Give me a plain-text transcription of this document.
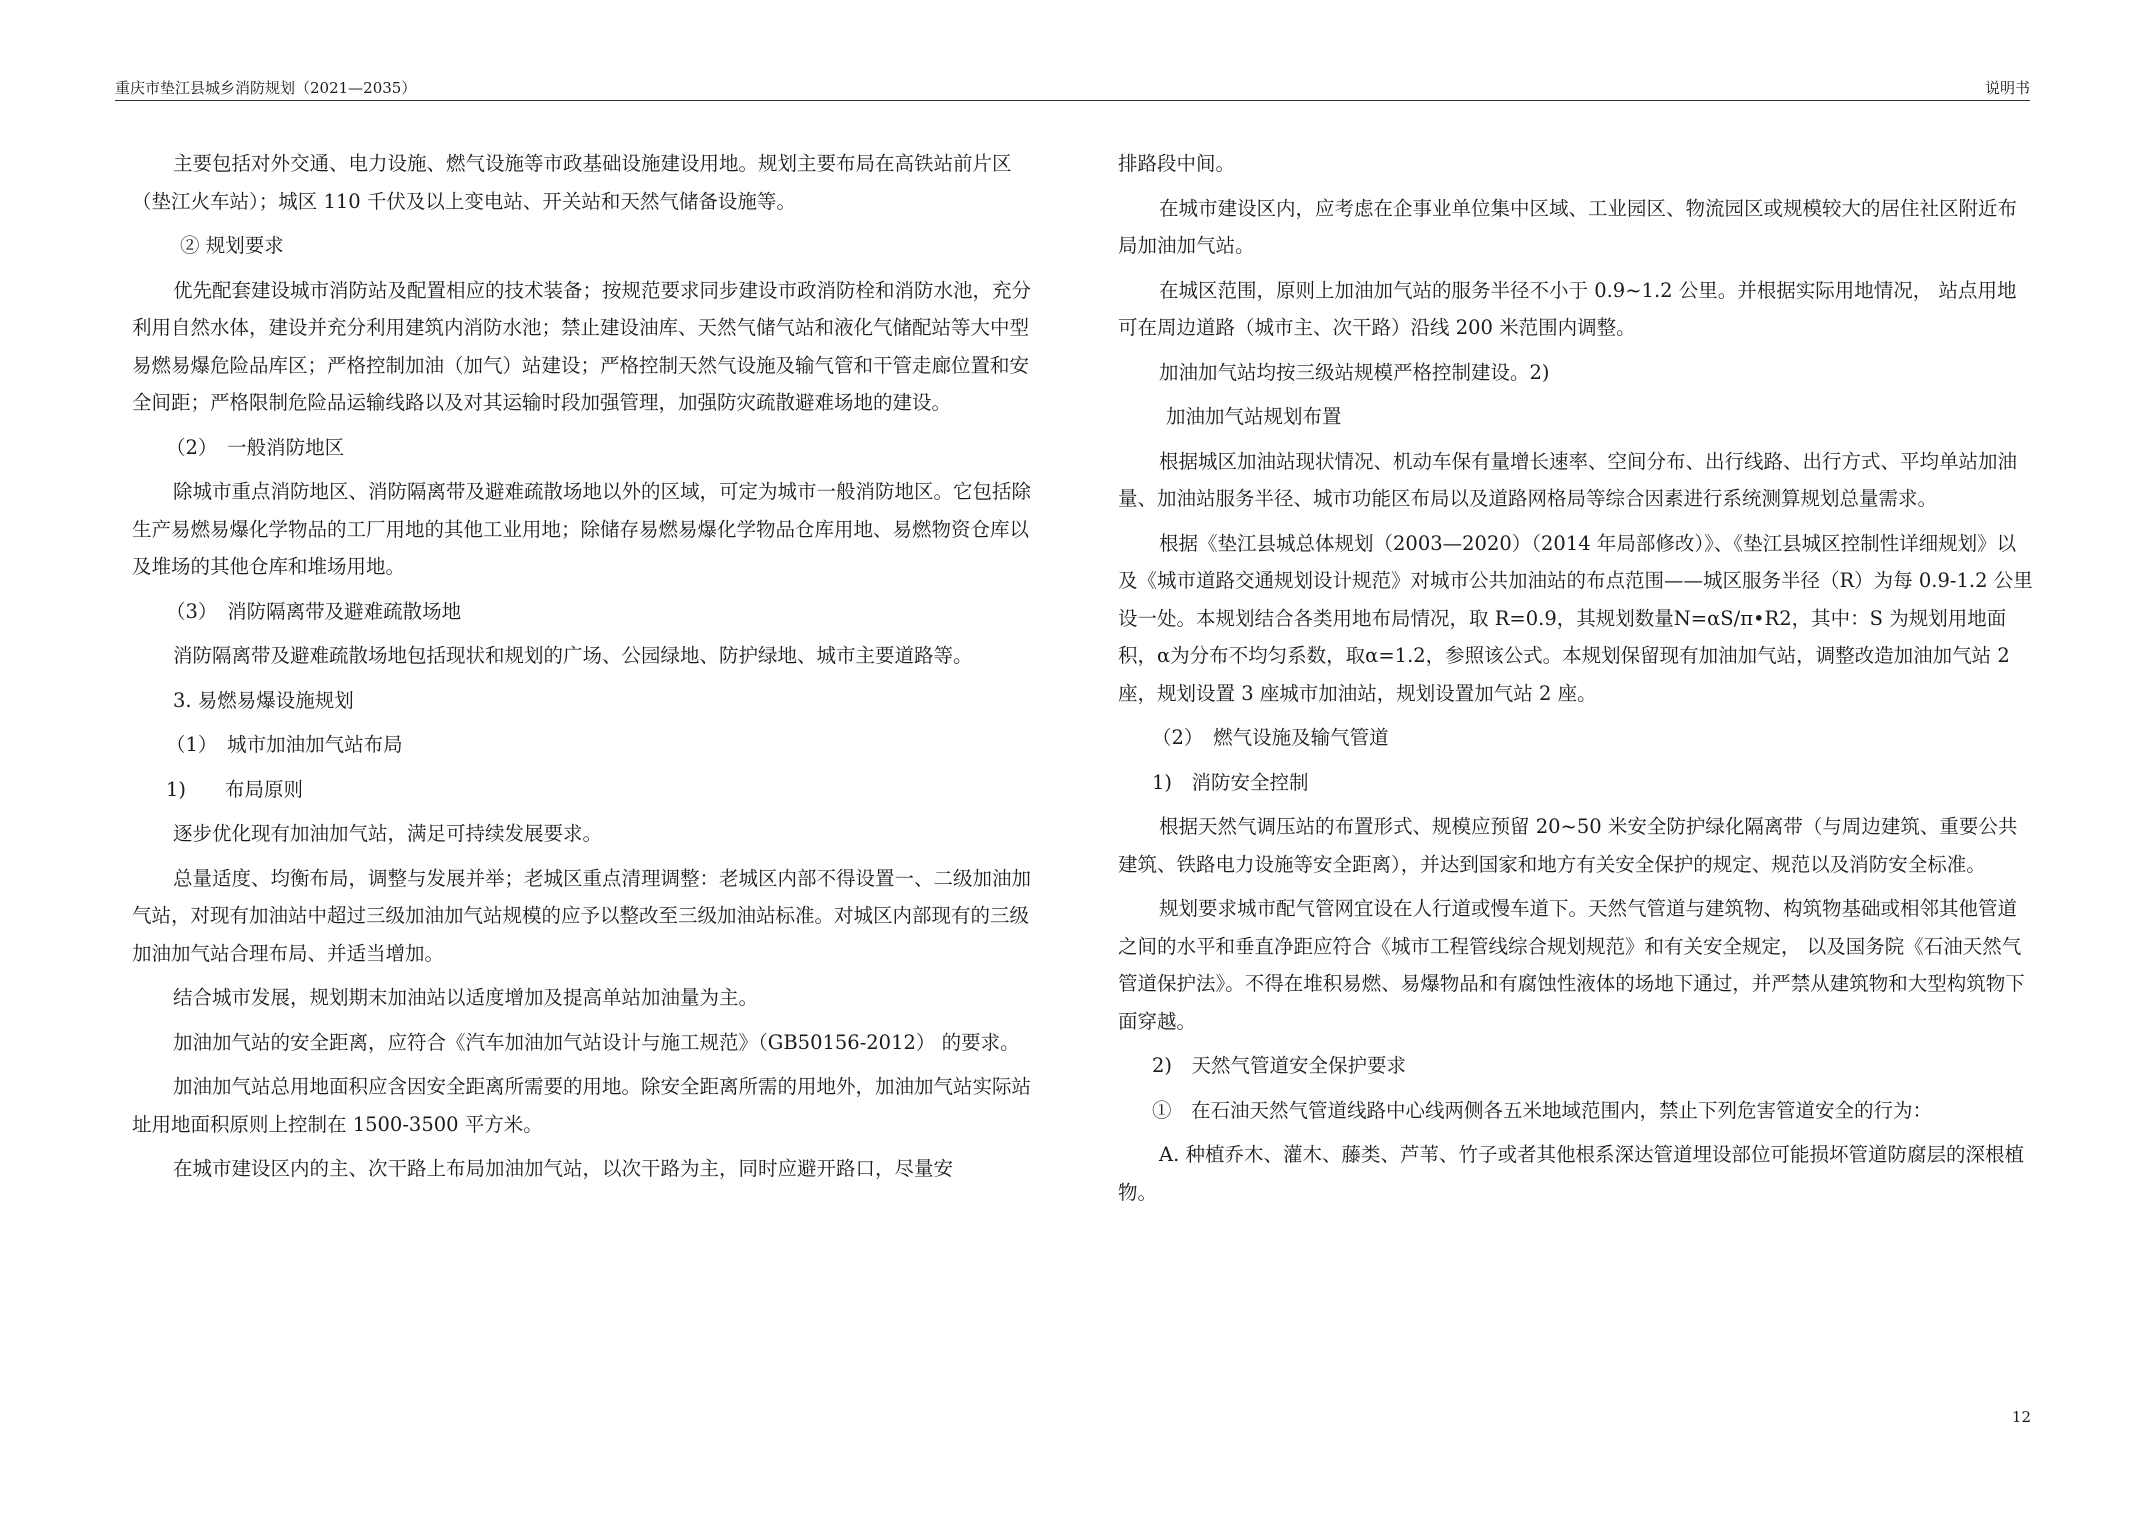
重庆市垫江县城乡消防规划（2021—2035）	说明书

主要包括对外交通、电力设施、燃气设施等市政基础设施建设用地。规划主要布局在高铁站前片区（垫江火车站）；城区 110 千伏及以上变电站、开关站和天然气储备设施等。

② 规划要求

优先配套建设城市消防站及配置相应的技术装备；按规范要求同步建设市政消防栓和消防水池，充分利用自然水体，建设并充分利用建筑内消防水池；禁止建设油库、天然气储气站和液化气储配站等大中型易燃易爆危险品库区；严格控制加油（加气）站建设；严格控制天然气设施及输气管和干管走廊位置和安全间距；严格限制危险品运输线路以及对其运输时段加强管理，加强防灾疏散避难场地的建设。

（2）　一般消防地区

除城市重点消防地区、消防隔离带及避难疏散场地以外的区域，可定为城市一般消防地区。它包括除生产易燃易爆化学物品的工厂用地的其他工业用地；除储存易燃易爆化学物品仓库用地、易燃物资仓库以及堆场的其他仓库和堆场用地。

（3）　消防隔离带及避难疏散场地

消防隔离带及避难疏散场地包括现状和规划的广场、公园绿地、防护绿地、城市主要道路等。

3. 易燃易爆设施规划

（1）　城市加油加气站布局

1)　　布局原则

逐步优化现有加油加气站，满足可持续发展要求。

总量适度、均衡布局，调整与发展并举；老城区重点清理调整：老城区内部不得设置一、二级加油加气站，对现有加油站中超过三级加油加气站规模的应予以整改至三级加油站标准。对城区内部现有的三级加油加气站合理布局、并适当增加。

结合城市发展，规划期末加油站以适度增加及提高单站加油量为主。

加油加气站的安全距离，应符合《汽车加油加气站设计与施工规范》（GB50156-2012） 的要求。

加油加气站总用地面积应含因安全距离所需要的用地。除安全距离所需的用地外，加油加气站实际站址用地面积原则上控制在 1500-3500 平方米。

在城市建设区内的主、次干路上布局加油加气站，以次干路为主，同时应避开路口，尽量安

排路段中间。

在城市建设区内，应考虑在企事业单位集中区域、工业园区、物流园区或规模较大的居住社区附近布局加油加气站。

在城区范围，原则上加油加气站的服务半径不小于 0.9~1.2 公里。并根据实际用地情况， 站点用地可在周边道路（城市主、次干路）沿线 200 米范围内调整。

加油加气站均按三级站规模严格控制建设。2)

加油加气站规划布置

根据城区加油站现状情况、机动车保有量增长速率、空间分布、出行线路、出行方式、平均单站加油量、加油站服务半径、城市功能区布局以及道路网格局等综合因素进行系统测算规划总量需求。

根据《垫江县城总体规划（2003—2020）（2014 年局部修改）》、《垫江县城区控制性详细规划》以及《城市道路交通规划设计规范》对城市公共加油站的布点范围——城区服务半径（R）为每 0.9-1.2 公里设一处。本规划结合各类用地布局情况，取 R=0.9，其规划数量N=αS/π•R2，其中：S 为规划用地面积，α为分布不均匀系数，取α=1.2，参照该公式。本规划保留现有加油加气站，调整改造加油加气站 2 座，规划设置 3 座城市加油站，规划设置加气站 2 座。

（2）　燃气设施及输气管道

1)　消防安全控制

根据天然气调压站的布置形式、规模应预留 20~50 米安全防护绿化隔离带（与周边建筑、重要公共建筑、铁路电力设施等安全距离），并达到国家和地方有关安全保护的规定、规范以及消防安全标准。

规划要求城市配气管网宜设在人行道或慢车道下。天然气管道与建筑物、构筑物基础或相邻其他管道之间的水平和垂直净距应符合《城市工程管线综合规划规范》和有关安全规定， 以及国务院《石油天然气管道保护法》。不得在堆积易燃、易爆物品和有腐蚀性液体的场地下通过，并严禁从建筑物和大型构筑物下面穿越。

2)　天然气管道安全保护要求

①　在石油天然气管道线路中心线两侧各五米地域范围内，禁止下列危害管道安全的行为：

A. 种植乔木、灌木、藤类、芦苇、竹子或者其他根系深达管道埋设部位可能损坏管道防腐层的深根植物。

12
